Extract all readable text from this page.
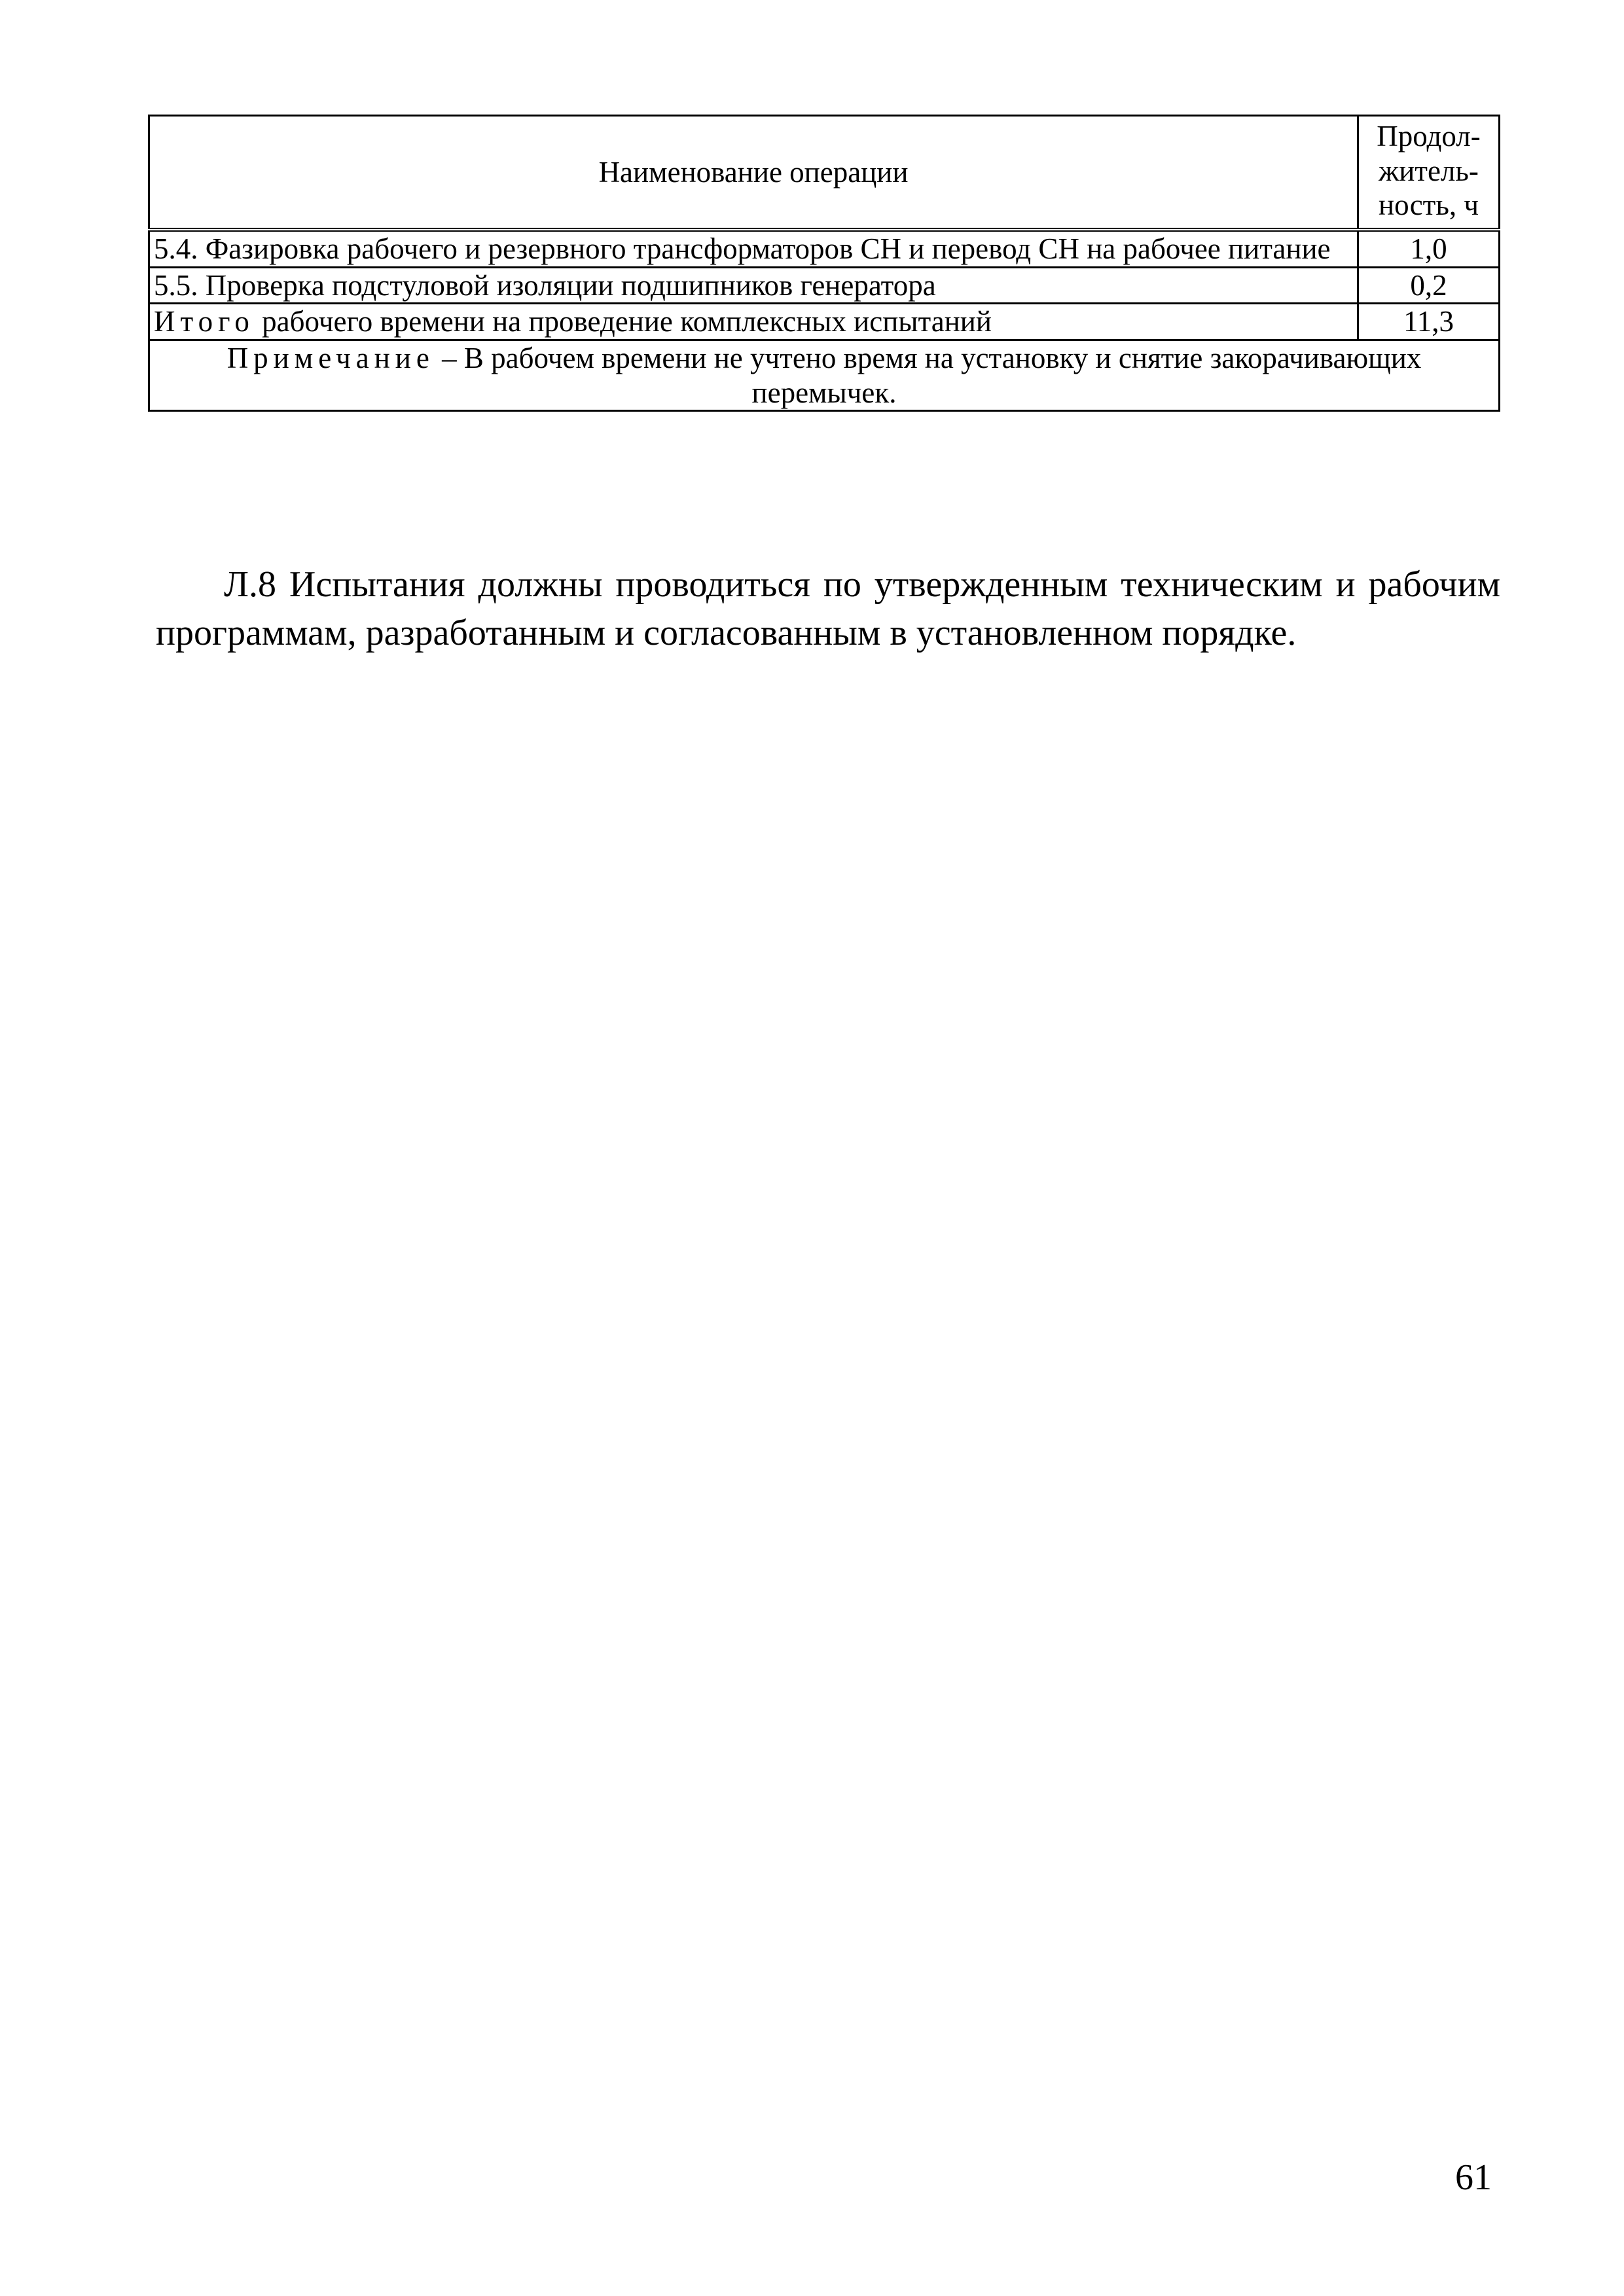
Наименование операции	Продол-
житель-
ность, ч

5.4. Фазировка рабочего и резервного трансформаторов СН и перевод СН на рабочее питание	1,0
5.5. Проверка подстуловой изоляции подшипников генератора	0,2
Итого рабочего времени на проведение комплексных испытаний	11,3
Примечание – В рабочем времени не учтено время на установку и снятие закорачивающих перемычек.	

Л.8 Испытания должны проводиться по утвержденным техническим и рабочим программам, разработанным и согласованным в установленном порядке.

61
